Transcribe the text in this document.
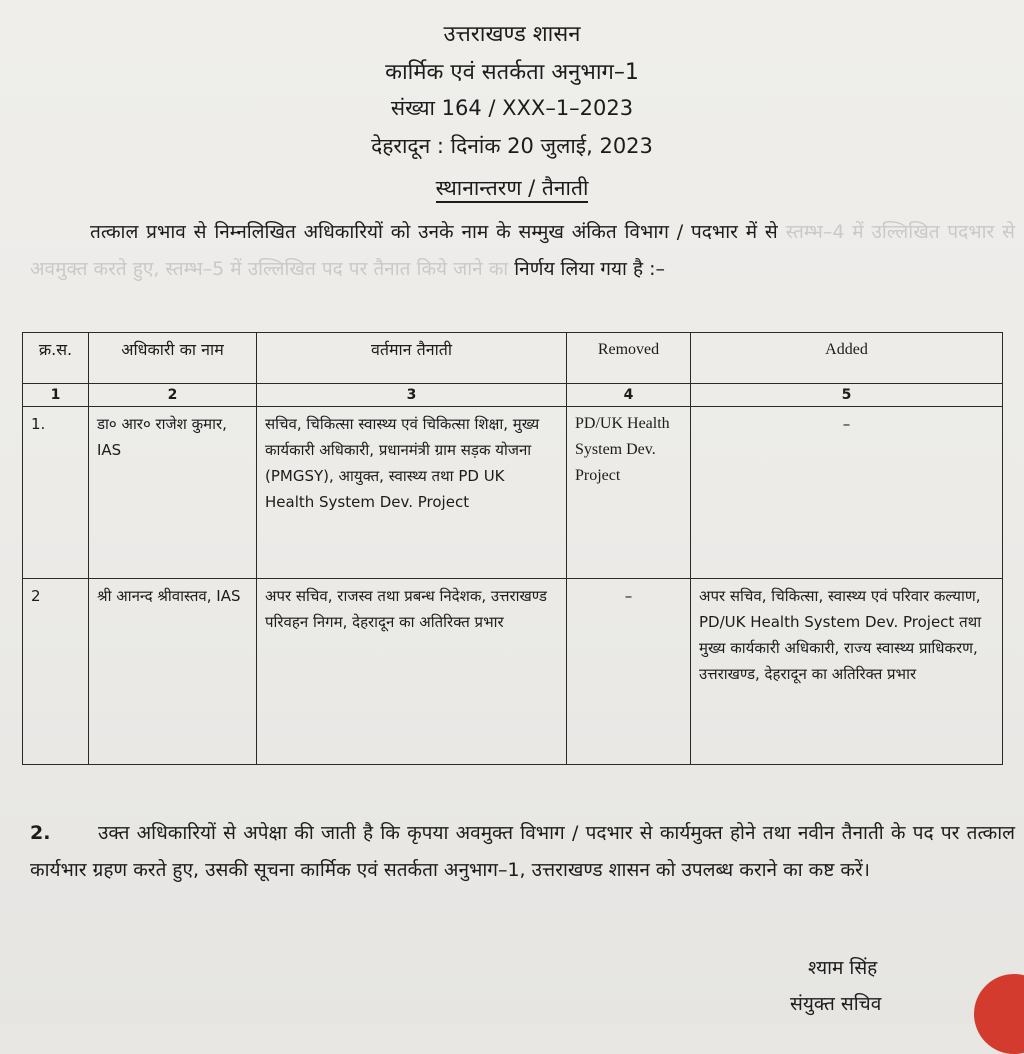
उत्तराखण्ड शासन
कार्मिक एवं सतर्कता अनुभाग–1
संख्या 164 / XXX–1–2023
देहरादून : दिनांक 20 जुलाई, 2023
स्थानान्तरण / तैनाती
तत्काल प्रभाव से निम्नलिखित अधिकारियों को उनके नाम के सम्मुख अंकित विभाग / पदभार में से स्तम्भ–4 में उल्लिखित पदभार से अवमुक्त करते हुए, स्तम्भ–5 में उल्लिखित पद पर तैनात किये जाने का निर्णय लिया गया है :–
क्र.स.	अधिकारी का नाम	वर्तमान तैनाती	Removed	Added
1	2	3	4	5
1.	डा० आर० राजेश कुमार, IAS	सचिव, चिकित्सा स्वास्थ्य एवं चिकित्सा शिक्षा, मुख्य कार्यकारी अधिकारी, प्रधानमंत्री ग्राम सड़क योजना (PMGSY), आयुक्त, स्वास्थ्य तथा PD UK Health System Dev. Project	PD/UK Health System Dev. Project	–
2	श्री आनन्द श्रीवास्तव, IAS	अपर सचिव, राजस्व तथा प्रबन्ध निदेशक, उत्तराखण्ड परिवहन निगम, देहरादून का अतिरिक्त प्रभार	–	अपर सचिव, चिकित्सा, स्वास्थ्य एवं परिवार कल्याण, PD/UK Health System Dev. Project तथा मुख्य कार्यकारी अधिकारी, राज्य स्वास्थ्य प्राधिकरण, उत्तराखण्ड, देहरादून का अतिरिक्त प्रभार
2.	उक्त अधिकारियों से अपेक्षा की जाती है कि कृपया अवमुक्त विभाग / पदभार से कार्यमुक्त होने तथा नवीन तैनाती के पद पर तत्काल कार्यभार ग्रहण करते हुए, उसकी सूचना कार्मिक एवं सतर्कता अनुभाग–1, उत्तराखण्ड शासन को उपलब्ध कराने का कष्ट करें।
श्याम सिंह
संयुक्त सचिव
